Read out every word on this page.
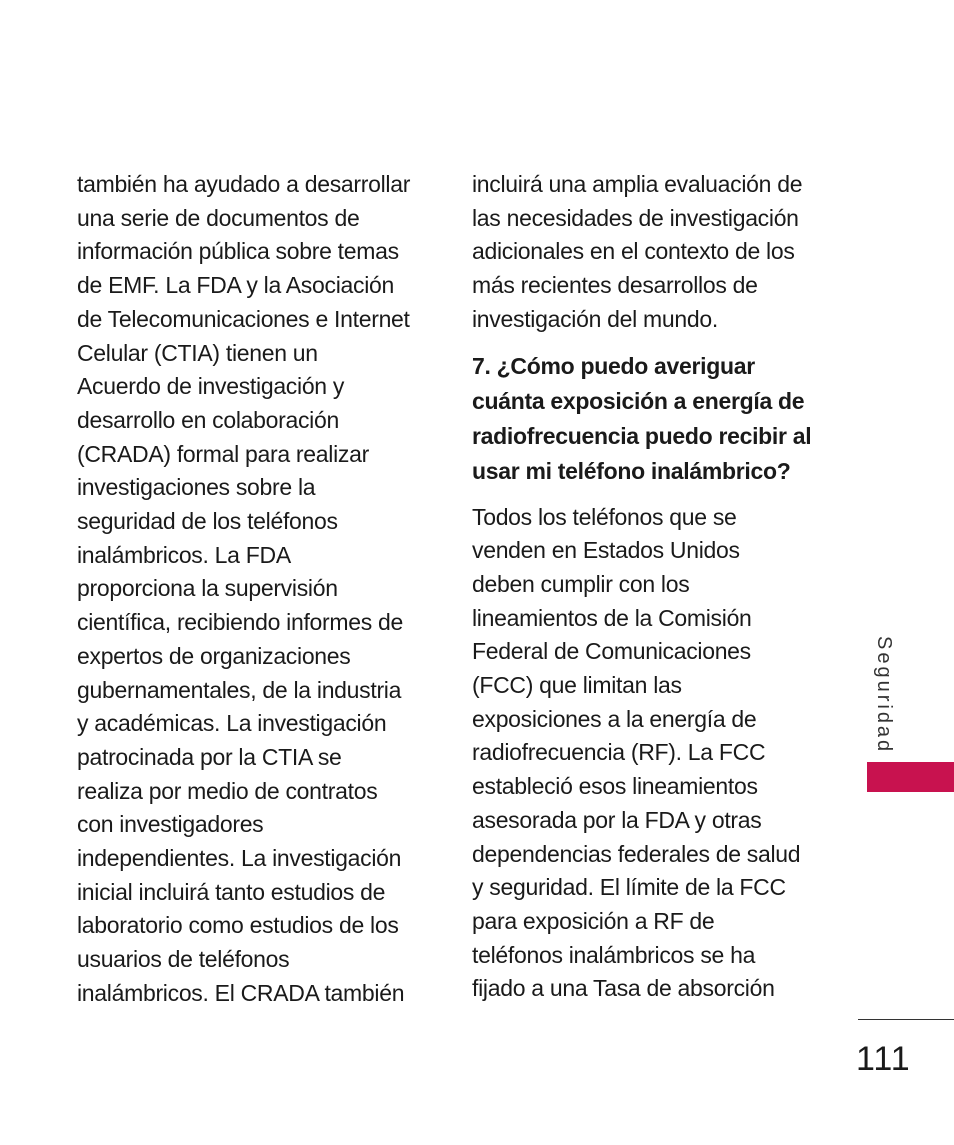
también ha ayudado a desarrollar
una serie de documentos de
información pública sobre temas
de EMF. La FDA y la Asociación
de Telecomunicaciones e Internet
Celular (CTIA) tienen un
Acuerdo de investigación y
desarrollo en colaboración
(CRADA) formal para realizar
investigaciones sobre la
seguridad de los teléfonos
inalámbricos. La FDA
proporciona la supervisión
científica, recibiendo informes de
expertos de organizaciones
gubernamentales, de la industria
y académicas. La investigación
patrocinada por la CTIA se
realiza por medio de contratos
con investigadores
independientes. La investigación
inicial incluirá tanto estudios de
laboratorio como estudios de los
usuarios de teléfonos
inalámbricos. El CRADA también
incluirá una amplia evaluación de
las necesidades de investigación
adicionales en el contexto de los
más recientes desarrollos de
investigación del mundo.
7. ¿Cómo puedo averiguar
cuánta exposición a energía de
radiofrecuencia puedo recibir al
usar mi teléfono inalámbrico?
Todos los teléfonos que se
venden en Estados Unidos
deben cumplir con los
lineamientos de la Comisión
Federal de Comunicaciones
(FCC) que limitan las
exposiciones a la energía de
radiofrecuencia (RF). La FCC
estableció esos lineamientos
asesorada por la FDA y otras
dependencias federales de salud
y seguridad. El límite de la FCC
para exposición a RF de
teléfonos inalámbricos se ha
fijado a una Tasa de absorción
Seguridad
111
